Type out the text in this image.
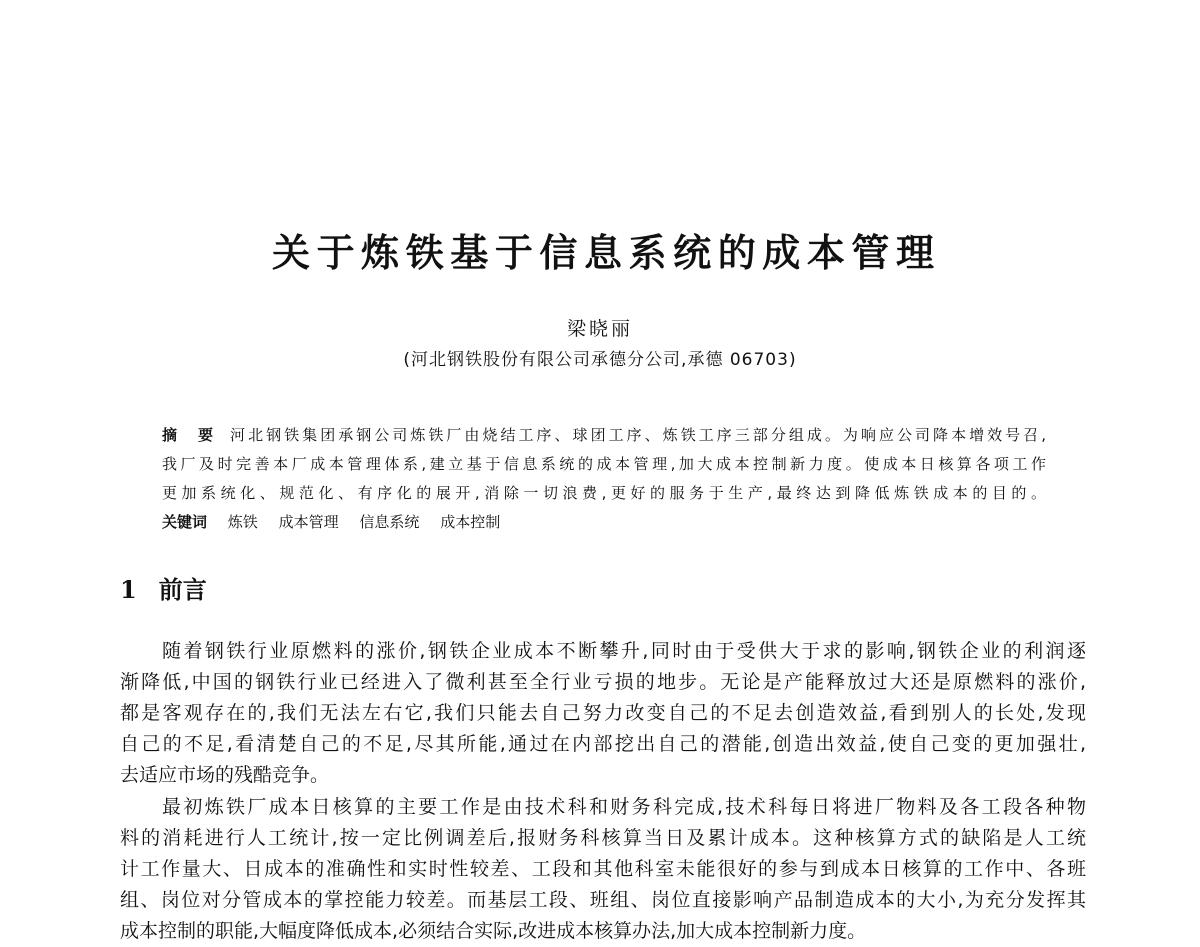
关于炼铁基于信息系统的成本管理
梁晓丽
(河北钢铁股份有限公司承德分公司,承德 06703)
摘　要 河北钢铁集团承钢公司炼铁厂由烧结工序、球团工序、炼铁工序三部分组成。为响应公司降本增效号召,
我厂及时完善本厂成本管理体系,建立基于信息系统的成本管理,加大成本控制新力度。使成本日核算各项工作
更加系统化、规范化、有序化的展开,消除一切浪费,更好的服务于生产,最终达到降低炼铁成本的目的。
关键词 炼铁 成本管理 信息系统 成本控制
1 前言
随着钢铁行业原燃料的涨价,钢铁企业成本不断攀升,同时由于受供大于求的影响,钢铁企业的利润逐
渐降低,中国的钢铁行业已经进入了微利甚至全行业亏损的地步。无论是产能释放过大还是原燃料的涨价,
都是客观存在的,我们无法左右它,我们只能去自己努力改变自己的不足去创造效益,看到别人的长处,发现
自己的不足,看清楚自己的不足,尽其所能,通过在内部挖出自己的潜能,创造出效益,使自己变的更加强壮,
去适应市场的残酷竞争。
最初炼铁厂成本日核算的主要工作是由技术科和财务科完成,技术科每日将进厂物料及各工段各种物
料的消耗进行人工统计,按一定比例调差后,报财务科核算当日及累计成本。这种核算方式的缺陷是人工统
计工作量大、日成本的准确性和实时性较差、工段和其他科室未能很好的参与到成本日核算的工作中、各班
组、岗位对分管成本的掌控能力较差。而基层工段、班组、岗位直接影响产品制造成本的大小,为充分发挥其
成本控制的职能,大幅度降低成本,必须结合实际,改进成本核算办法,加大成本控制新力度。
